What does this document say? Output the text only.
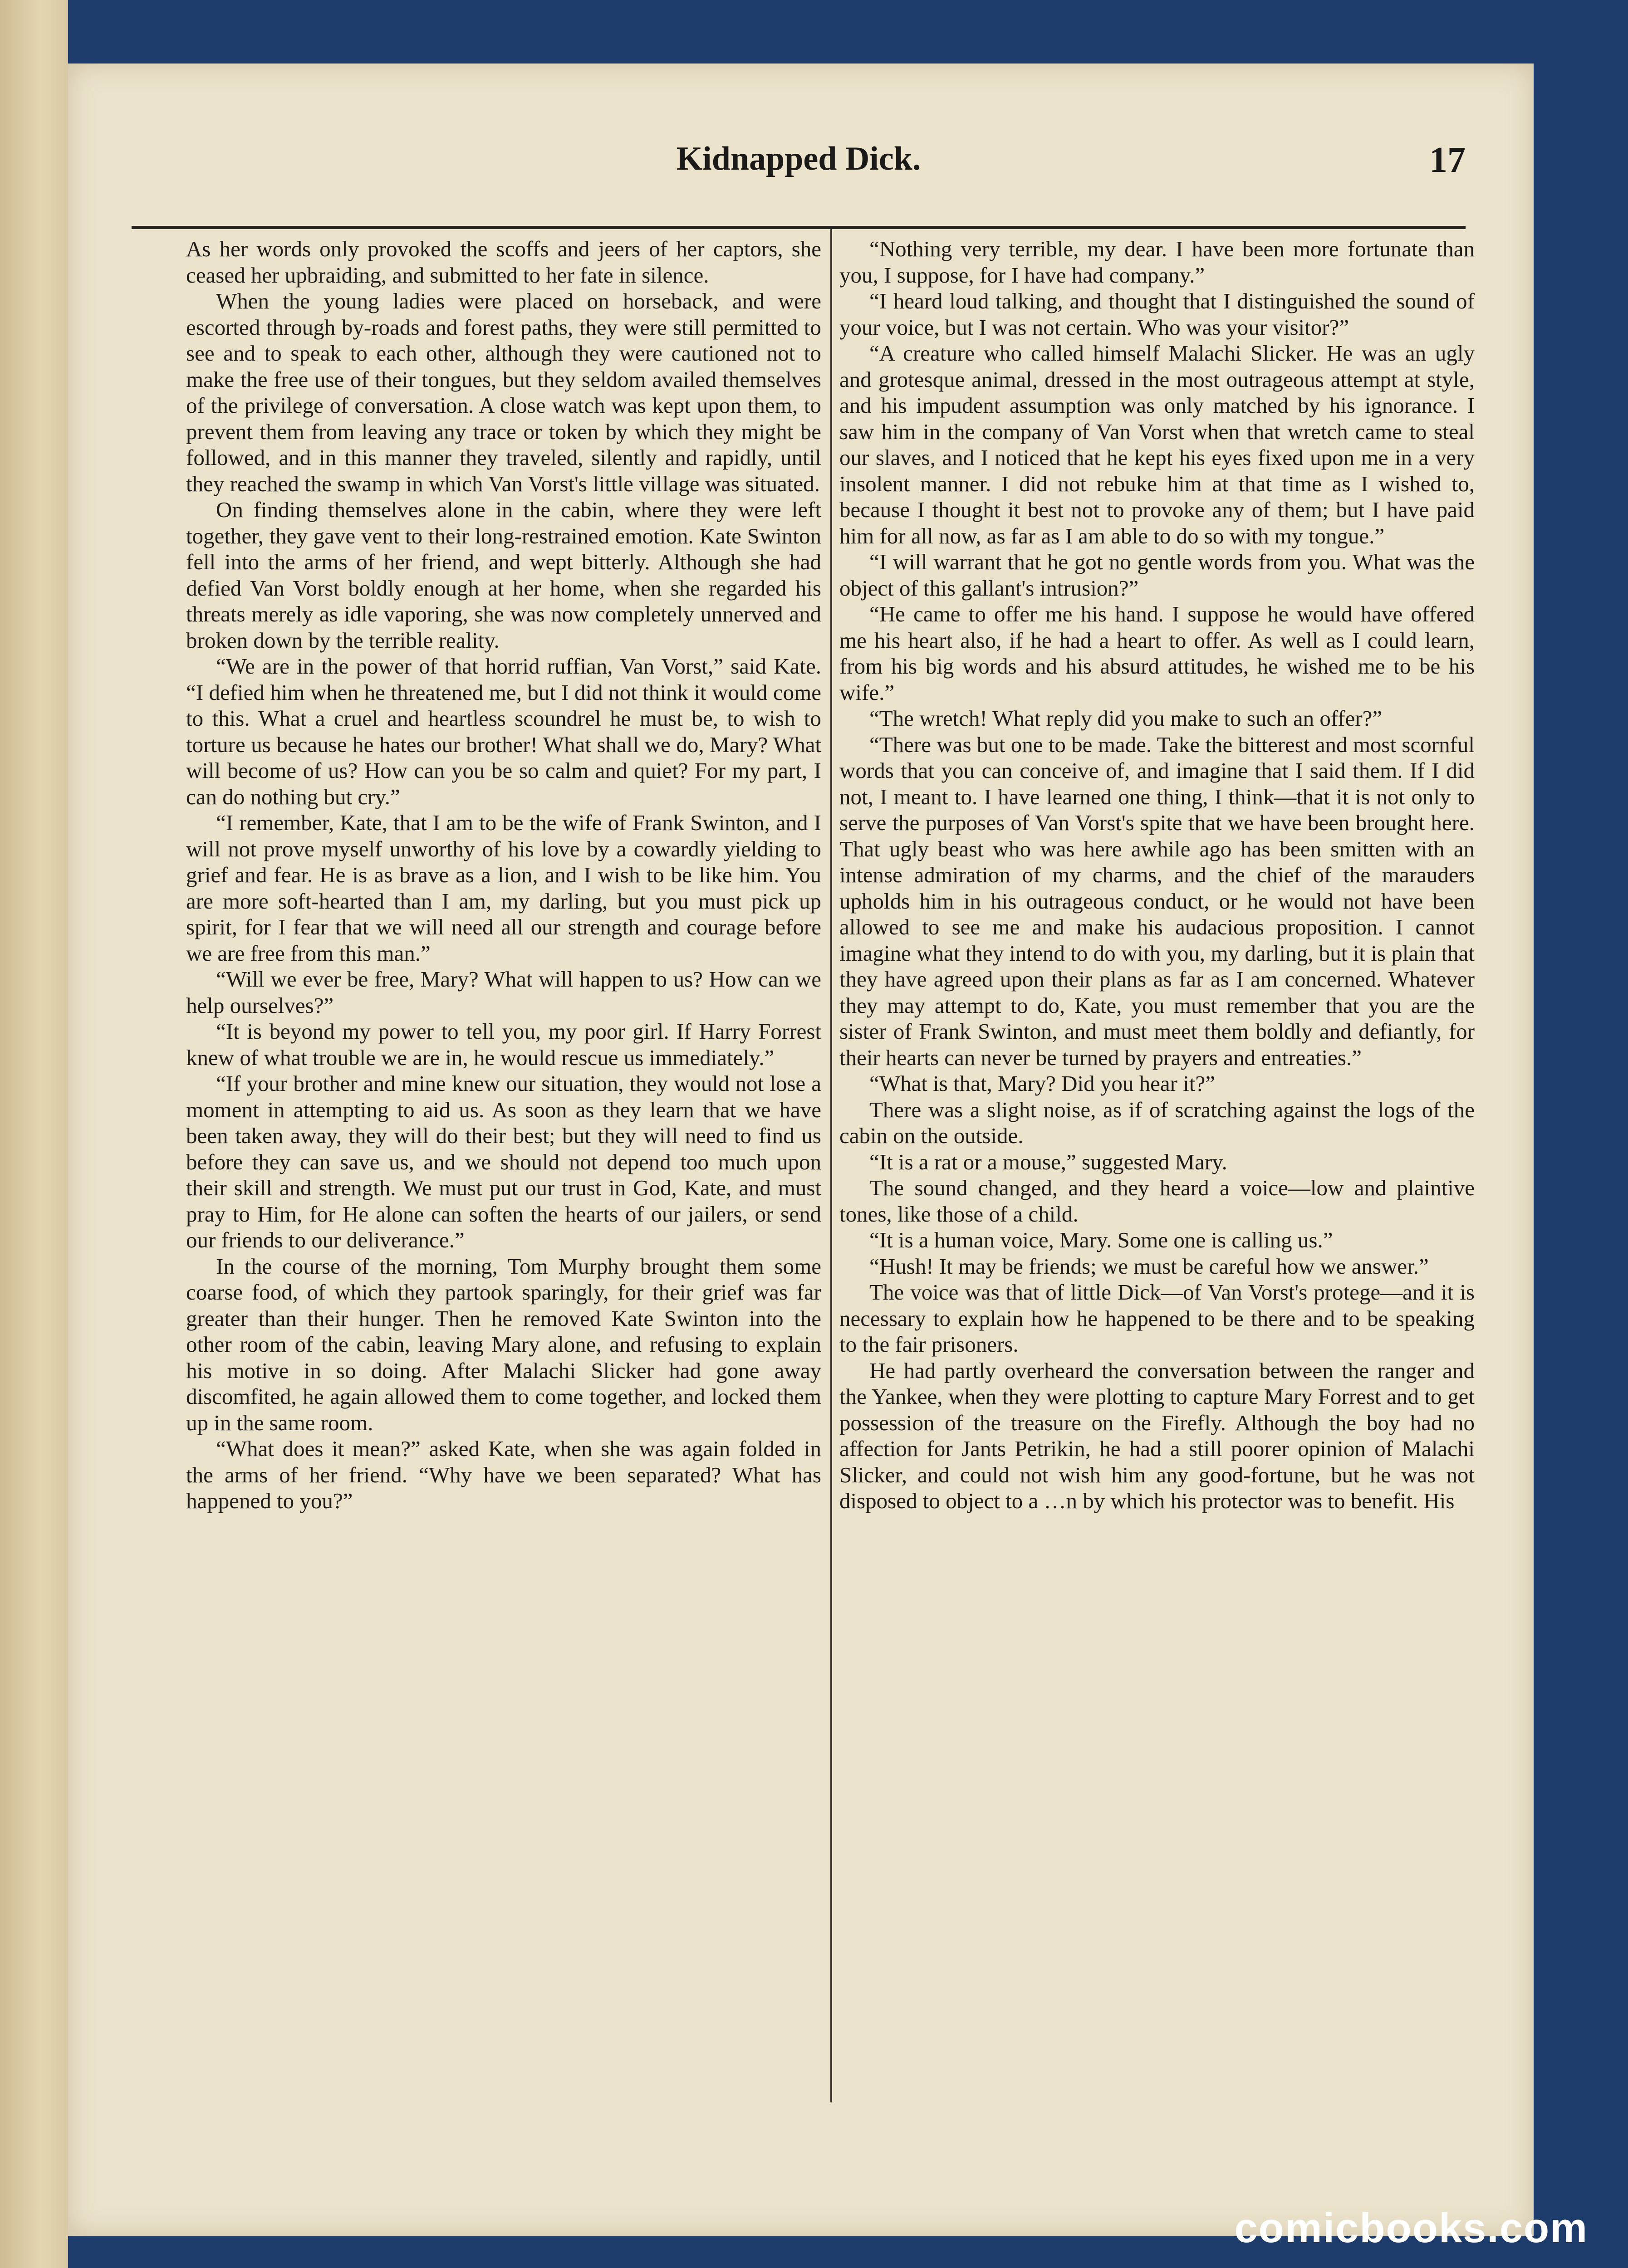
Kidnapped Dick.	17

As her words only provoked the scoffs and jeers of her captors, she ceased her upbraiding, and submitted to her fate in silence.

When the young ladies were placed on horseback, and were escorted through by-roads and forest paths, they were still permitted to see and to speak to each other, although they were cautioned not to make the free use of their tongues, but they seldom availed themselves of the privilege of conversation. A close watch was kept upon them, to prevent them from leaving any trace or token by which they might be followed, and in this manner they traveled, silently and rapidly, until they reached the swamp in which Van Vorst's little village was situated.

On finding themselves alone in the cabin, where they were left together, they gave vent to their long-restrained emotion. Kate Swinton fell into the arms of her friend, and wept bitterly. Although she had defied Van Vorst boldly enough at her home, when she regarded his threats merely as idle vaporing, she was now completely unnerved and broken down by the terrible reality.

“We are in the power of that horrid ruffian, Van Vorst,” said Kate. “I defied him when he threatened me, but I did not think it would come to this. What a cruel and heartless scoundrel he must be, to wish to torture us because he hates our brother! What shall we do, Mary? What will become of us? How can you be so calm and quiet? For my part, I can do nothing but cry.”

“I remember, Kate, that I am to be the wife of Frank Swinton, and I will not prove myself unworthy of his love by a cowardly yielding to grief and fear. He is as brave as a lion, and I wish to be like him. You are more soft-hearted than I am, my darling, but you must pick up spirit, for I fear that we will need all our strength and courage before we are free from this man.”

“Will we ever be free, Mary? What will happen to us? How can we help ourselves?”

“It is beyond my power to tell you, my poor girl. If Harry Forrest knew of what trouble we are in, he would rescue us immediately.”

“If your brother and mine knew our situation, they would not lose a moment in attempting to aid us. As soon as they learn that we have been taken away, they will do their best; but they will need to find us before they can save us, and we should not depend too much upon their skill and strength. We must put our trust in God, Kate, and must pray to Him, for He alone can soften the hearts of our jailers, or send our friends to our deliverance.”

In the course of the morning, Tom Murphy brought them some coarse food, of which they partook sparingly, for their grief was far greater than their hunger. Then he removed Kate Swinton into the other room of the cabin, leaving Mary alone, and refusing to explain his motive in so doing. After Malachi Slicker had gone away discomfited, he again allowed them to come together, and locked them up in the same room.

“What does it mean?” asked Kate, when she was again folded in the arms of her friend. “Why have we been separated? What has happened to you?”

“Nothing very terrible, my dear. I have been more fortunate than you, I suppose, for I have had company.”

“I heard loud talking, and thought that I distinguished the sound of your voice, but I was not certain. Who was your visitor?”

“A creature who called himself Malachi Slicker. He was an ugly and grotesque animal, dressed in the most outrageous attempt at style, and his impudent assumption was only matched by his ignorance. I saw him in the company of Van Vorst when that wretch came to steal our slaves, and I noticed that he kept his eyes fixed upon me in a very insolent manner. I did not rebuke him at that time as I wished to, because I thought it best not to provoke any of them; but I have paid him for all now, as far as I am able to do so with my tongue.”

“I will warrant that he got no gentle words from you. What was the object of this gallant's intrusion?”

“He came to offer me his hand. I suppose he would have offered me his heart also, if he had a heart to offer. As well as I could learn, from his big words and his absurd attitudes, he wished me to be his wife.”

“The wretch! What reply did you make to such an offer?”

“There was but one to be made. Take the bitterest and most scornful words that you can conceive of, and imagine that I said them. If I did not, I meant to. I have learned one thing, I think—that it is not only to serve the purposes of Van Vorst's spite that we have been brought here. That ugly beast who was here awhile ago has been smitten with an intense admiration of my charms, and the chief of the marauders upholds him in his outrageous conduct, or he would not have been allowed to see me and make his audacious proposition. I cannot imagine what they intend to do with you, my darling, but it is plain that they have agreed upon their plans as far as I am concerned. Whatever they may attempt to do, Kate, you must remember that you are the sister of Frank Swinton, and must meet them boldly and defiantly, for their hearts can never be turned by prayers and entreaties.”

“What is that, Mary? Did you hear it?”

There was a slight noise, as if of scratching against the logs of the cabin on the outside.

“It is a rat or a mouse,” suggested Mary.

The sound changed, and they heard a voice—low and plaintive tones, like those of a child.

“It is a human voice, Mary. Some one is calling us.”

“Hush! It may be friends; we must be careful how we answer.”

The voice was that of little Dick—of Van Vorst's protege—and it is necessary to explain how he happened to be there and to be speaking to the fair prisoners.

He had partly overheard the conversation between the ranger and the Yankee, when they were plotting to capture Mary Forrest and to get possession of the treasure on the Firefly. Although the boy had no affection for Jants Petrikin, he had a still poorer opinion of Malachi Slicker, and could not wish him any good-fortune, but he was not disposed to object to a …n by which his protector was to benefit. His

comicbooks.com
